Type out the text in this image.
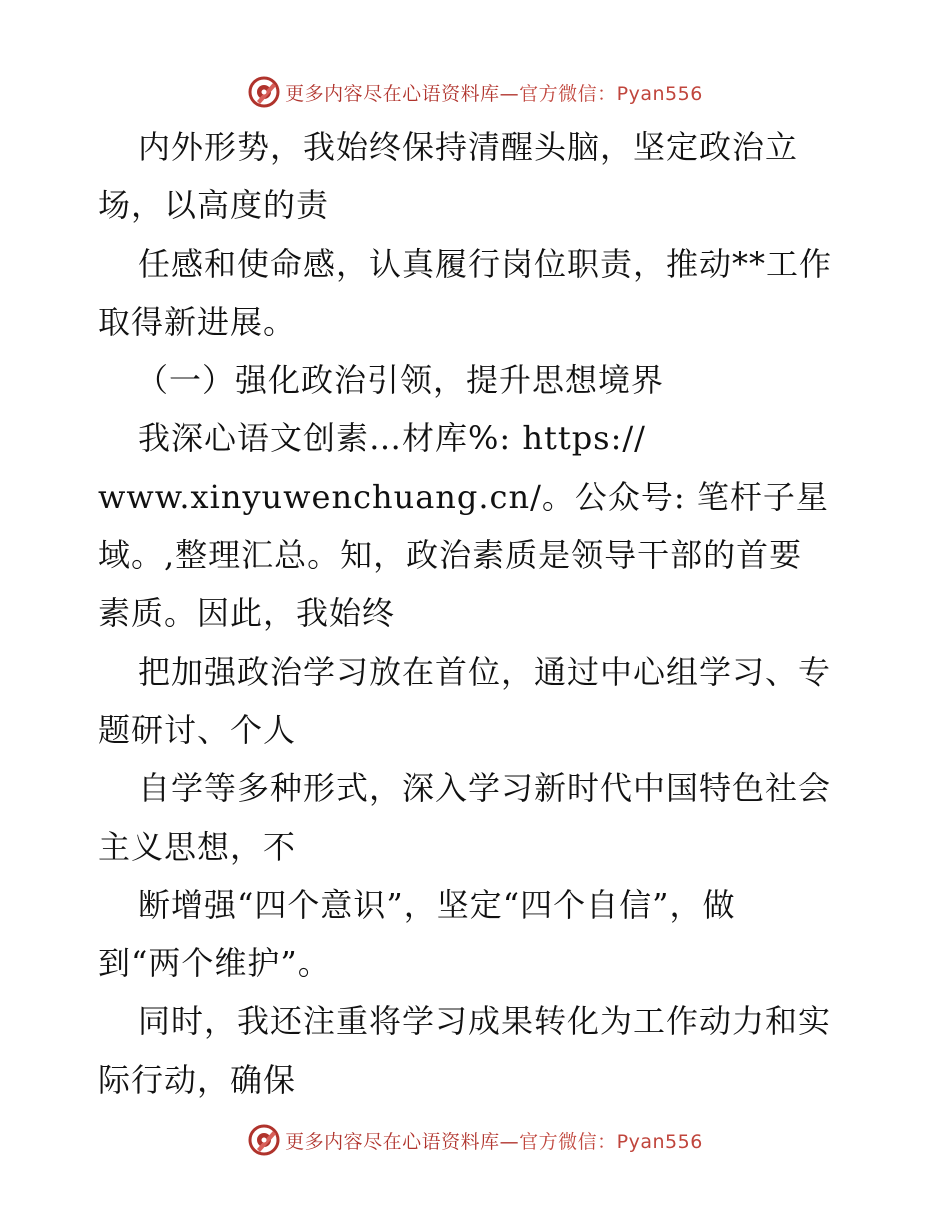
更多内容尽在心语资料库—官方微信：Pyan556
内外形势，我始终保持清醒头脑，坚定政治立
场，以高度的责
任感和使命感，认真履行岗位职责，推动**工作
取得新进展。
（一）强化政治引领，提升思想境界
我深心语文创素…材库%: https://
www.xinyuwenchuang.cn/。公众号: 笔杆子星
域。,整理汇总。知，政治素质是领导干部的首要
素质。因此，我始终
把加强政治学习放在首位，通过中心组学习、专
题研讨、个人
自学等多种形式，深入学习新时代中国特色社会
主义思想，不
断增强“四个意识”，坚定“四个自信”，做
到“两个维护”。
同时，我还注重将学习成果转化为工作动力和实
际行动，确保
更多内容尽在心语资料库—官方微信：Pyan556
